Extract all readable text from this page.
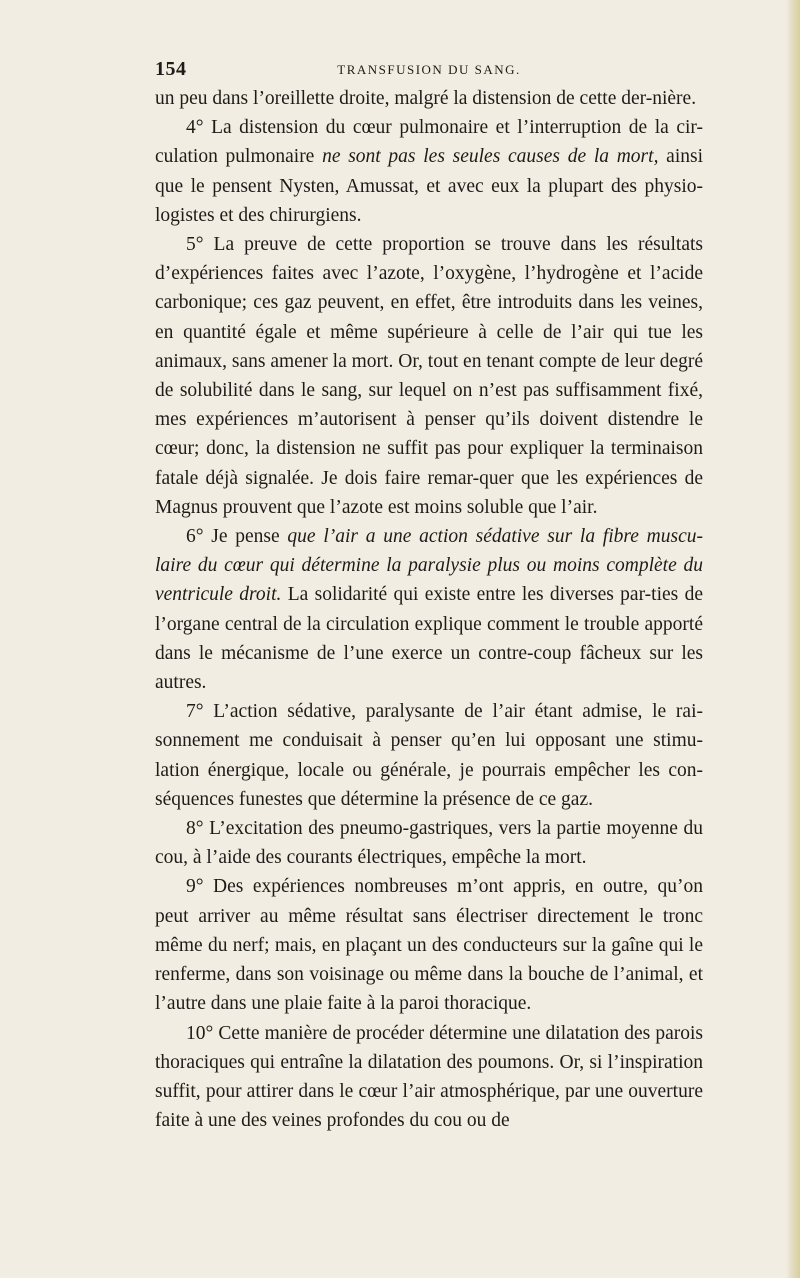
154	TRANSFUSION DU SANG.

un peu dans l’oreillette droite, malgré la distension de cette der-nière.

4° La distension du cœur pulmonaire et l’interruption de la cir-culation pulmonaire ne sont pas les seules causes de la mort, ainsi que le pensent Nysten, Amussat, et avec eux la plupart des physio-logistes et des chirurgiens.

5° La preuve de cette proportion se trouve dans les résultats d’expériences faites avec l’azote, l’oxygène, l’hydrogène et l’acide carbonique; ces gaz peuvent, en effet, être introduits dans les veines, en quantité égale et même supérieure à celle de l’air qui tue les animaux, sans amener la mort. Or, tout en tenant compte de leur degré de solubilité dans le sang, sur lequel on n’est pas suffisamment fixé, mes expériences m’autorisent à penser qu’ils doivent distendre le cœur; donc, la distension ne suffit pas pour expliquer la terminaison fatale déjà signalée. Je dois faire remar-quer que les expériences de Magnus prouvent que l’azote est moins soluble que l’air.

6° Je pense que l’air a une action sédative sur la fibre muscu-laire du cœur qui détermine la paralysie plus ou moins complète du ventricule droit. La solidarité qui existe entre les diverses par-ties de l’organe central de la circulation explique comment le trouble apporté dans le mécanisme de l’une exerce un contre-coup fâcheux sur les autres.

7° L’action sédative, paralysante de l’air étant admise, le rai-sonnement me conduisait à penser qu’en lui opposant une stimu-lation énergique, locale ou générale, je pourrais empêcher les con-séquences funestes que détermine la présence de ce gaz.

8° L’excitation des pneumo-gastriques, vers la partie moyenne du cou, à l’aide des courants électriques, empêche la mort.

9° Des expériences nombreuses m’ont appris, en outre, qu’on peut arriver au même résultat sans électriser directement le tronc même du nerf; mais, en plaçant un des conducteurs sur la gaîne qui le renferme, dans son voisinage ou même dans la bouche de l’animal, et l’autre dans une plaie faite à la paroi thoracique.

10° Cette manière de procéder détermine une dilatation des parois thoraciques qui entraîne la dilatation des poumons. Or, si l’inspiration suffit, pour attirer dans le cœur l’air atmosphérique, par une ouverture faite à une des veines profondes du cou ou de
